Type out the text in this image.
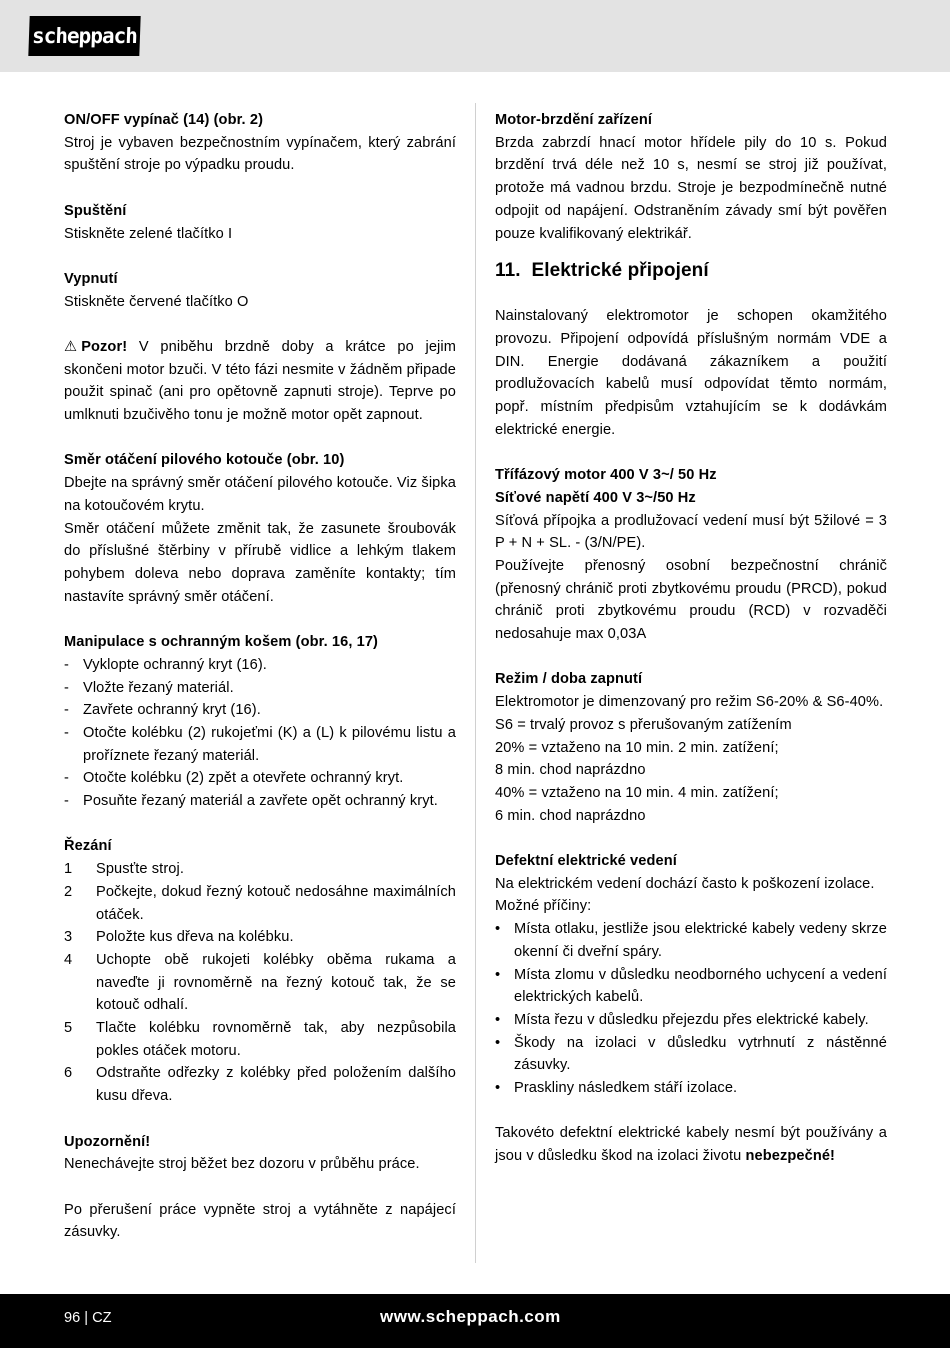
scheppach
ON/OFF vypínač (14) (obr. 2)

Stroj je vybaven bezpečnostním vypínačem, který zabrání spuštění stroje po výpadku proudu.

Spuštění

Stiskněte zelené tlačítko I

Vypnutí

Stiskněte červené tlačítko O

⚠ Pozor! V pniběhu brzdně doby a krátce po jejim skončeni motor bzuči. V této fázi nesmite v žádněm připade použit spinač (ani pro opětovně zapnuti stroje). Teprve po umlknuti bzučivěho tonu je možně motor opět zapnout.

Směr otáčení pilového kotouče (obr. 10)

Dbejte na správný směr otáčení pilového kotouče. Viz šipka na kotoučovém krytu.

Směr otáčení můžete změnit tak, že zasunete šroubovák do příslušné štěrbiny v přírubě vidlice a lehkým tlakem pohybem doleva nebo doprava zaměníte kontakty; tím nastavíte správný směr otáčení.

Manipulace s ochranným košem (obr. 16, 17)
- Vyklopte ochranný kryt (16).
- Vložte řezaný materiál.
- Zavřete ochranný kryt (16).
- Otočte kolébku (2) rukojeťmi (K) a (L) k pilovému listu a proříznete řezaný materiál.
- Otočte kolébku (2) zpět a otevřete ochranný kryt.
- Posuňte řezaný materiál a zavřete opět ochranný kryt.
Řezání
1 Spusťte stroj.
2 Počkejte, dokud řezný kotouč nedosáhne maximálních otáček.
3 Položte kus dřeva na kolébku.
4 Uchopte obě rukojeti kolébky oběma rukama a naveďte ji rovnoměrně na řezný kotouč tak, že se kotouč odhalí.
5 Tlačte kolébku rovnoměrně tak, aby nezpůsobila pokles otáček motoru.
6 Odstraňte odřezky z kolébky před položením dalšího kusu dřeva.
Upozornění!

Nenechávejte stroj běžet bez dozoru v průběhu práce.

Po přerušení práce vypněte stroj a vytáhněte z napájecí zásuvky.

Motor-brzdění zařízení

Brzda zabrzdí hnací motor hřídele pily do 10 s. Pokud brzdění trvá déle než 10 s, nesmí se stroj již používat, protože má vadnou brzdu. Stroje je bezpodmínečně nutné odpojit od napájení. Odstraněním závady smí být pověřen pouze kvalifikovaný elektrikář.

11. Elektrické připojení

Nainstalovaný elektromotor je schopen okamžitého provozu. Připojení odpovídá příslušným normám VDE a DIN. Energie dodávaná zákazníkem a použití prodlužovacích kabelů musí odpovídat těmto normám, popř. místním předpisům vztahujícím se k dodávkám elektrické energie.

Třífázový motor 400 V 3~/ 50 Hz
Síťové napětí 400 V 3~/50 Hz

Síťová přípojka a prodlužovací vedení musí být 5žilové = 3 P + N + SL. - (3/N/PE).

Používejte přenosný osobní bezpečnostní chránič (přenosný chránič proti zbytkovému proudu (PRCD), pokud chránič proti zbytkovému proudu (RCD) v rozvaděči nedosahuje max 0,03A

Režim / doba zapnutí

Elektromotor je dimenzovaný pro režim S6-20% & S6-40%.

S6 = trvalý provoz s přerušovaným zatížením

20% = vztaženo na 10 min. 2 min. zatížení;

8 min. chod naprázdno

40% = vztaženo na 10 min. 4 min. zatížení;

6 min. chod naprázdno

Defektní elektrické vedení

Na elektrickém vedení dochází často k poškození izolace.

Možné příčiny:

• Místa otlaku, jestliže jsou elektrické kabely vedeny skrze okenní či dveřní spáry.
• Místa zlomu v důsledku neodborného uchycení a vedení elektrických kabelů.
• Místa řezu v důsledku přejezdu přes elektrické kabely.
• Škody na izolaci v důsledku vytrhnutí z nástěnné zásuvky.
• Praskliny následkem stáří izolace.

Takovéto defektní elektrické kabely nesmí být používány a jsou v důsledku škod na izolaci životu nebezpečné!

96 | CZ	www.scheppach.com
